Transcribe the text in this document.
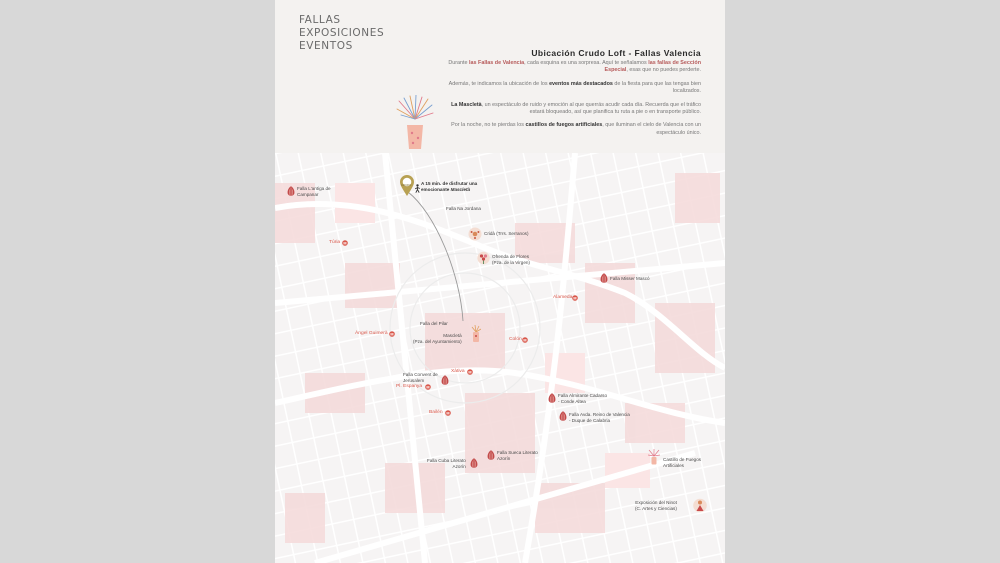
FALLAS
EXPOSICIONES
EVENTOS
Ubicación Crudo Loft - Fallas Valencia

Durante las Fallas de Valencia, cada esquina es una sorpresa. Aquí te señalamos las fallas de Sección Especial, esas que no puedes perderte.

Además, te indicamos la ubicación de los eventos más destacados de la fiesta para que las tengas bien localizados.

La Mascletà, un espectáculo de ruido y emoción al que querrás acudir cada día. Recuerda que el tráfico estará bloqueado, así que planifica tu ruta a pie o en transporte público.

Por la noche, no te pierdas los castillos de fuegos artificiales, que iluminan el cielo de Valencia con un espectáculo único.

CRUDO A 15 min. de disfrutar una
emocionante Mascletà
Falla L'antiga de
Campanar
Falla Na Jordana
Falla Misser Mascó
Falla del Pilar
Falla Convent de
Jerusalem
Falla Almirante Cadarso
- Conde Altea
Falla Avda. Reino de Valencia
- Duque de Calabria
Falla Sueca Literato
Azorín
Falla Cuba Literato
Azorín
Cridà (Trrs. Serranos)
Ofrenda de Flores
(Pza. de la Virgen)
Mascletà
(Pza. del Ayuntamiento)
Castillo de Fuegos
Artificiales
Exposición del Ninot
(C. Artes y Ciencias)
Túria M
Alameda M
Àngel Guimerà M
Colón M
Xàtiva M
Pl. Espanya M
Bailén M
